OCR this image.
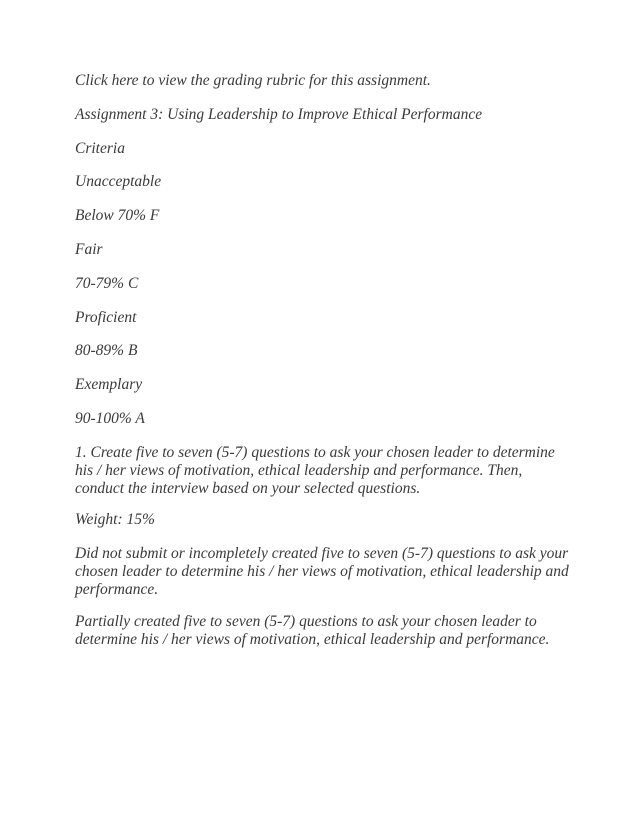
Click here to view the grading rubric for this assignment.

Assignment 3: Using Leadership to Improve Ethical Performance

Criteria

Unacceptable

Below 70% F

Fair

70-79% C

Proficient

80-89% B

Exemplary

90-100% A

1. Create five to seven (5-7) questions to ask your chosen leader to determine his / her views of motivation, ethical leadership and performance. Then, conduct the interview based on your selected questions.

Weight: 15%

Did not submit or incompletely created five to seven (5-7) questions to ask your chosen leader to determine his / her views of motivation, ethical leadership and performance.

Partially created five to seven (5-7) questions to ask your chosen leader to determine his / her views of motivation, ethical leadership and performance.
